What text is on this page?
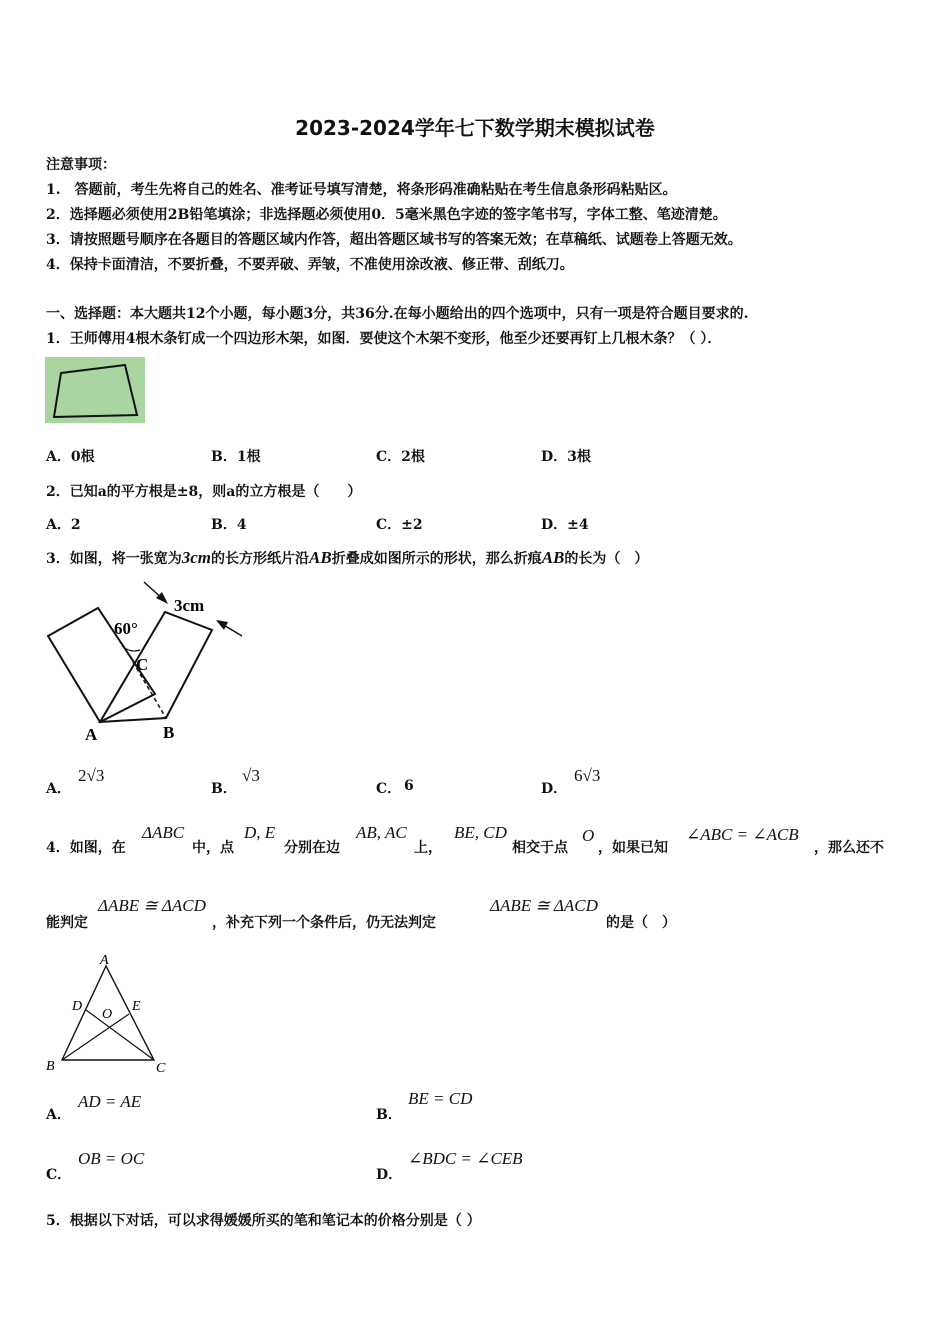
2023-2024学年七下数学期末模拟试卷
注意事项：
1.　答题前，考生先将自己的姓名、准考证号填写清楚，将条形码准确粘贴在考生信息条形码粘贴区。
2．选择题必须使用2B铅笔填涂；非选择题必须使用0．5毫米黑色字迹的签字笔书写，字体工整、笔迹清楚。
3．请按照题号顺序在各题目的答题区域内作答，超出答题区域书写的答案无效；在草稿纸、试题卷上答题无效。
4．保持卡面清洁，不要折叠，不要弄破、弄皱，不准使用涂改液、修正带、刮纸刀。
一、选择题：本大题共12个小题，每小题3分，共36分.在每小题给出的四个选项中，只有一项是符合题目要求的.
1．王师傅用4根木条钉成一个四边形木架，如图．要使这个木架不变形，他至少还要再钉上几根木条？（ ）．
A．0根	B．1根	C．2根	D．3根
2．已知a的平方根是±8，则a的立方根是（　　）
A．2	B．4	C．±2	D．±4
3．如图，将一张宽为3cm的长方形纸片沿AB折叠成如图所示的形状，那么折痕AB的长为（　）
3cm
60°
C
A	B
A．
2√3
B．
√3
C． 6	D．
6√3
4．如图，在
ΔABC
中，点
D, E
分别在边
AB, AC
上，
BE, CD
相交于点
O
，如果已知
∠ABC = ∠ACB
，那么还不
能判定
ΔABE ≅ ΔACD
，补充下列一个条件后，仍无法判定
ΔABE ≅ ΔACD
的是（　）
A
D	E
O
B	C
A．
AD = AE
B．
BE = CD
C．
OB = OC
D．
∠BDC = ∠CEB
5．根据以下对话，可以求得媛媛所买的笔和笔记本的价格分别是（ ）
